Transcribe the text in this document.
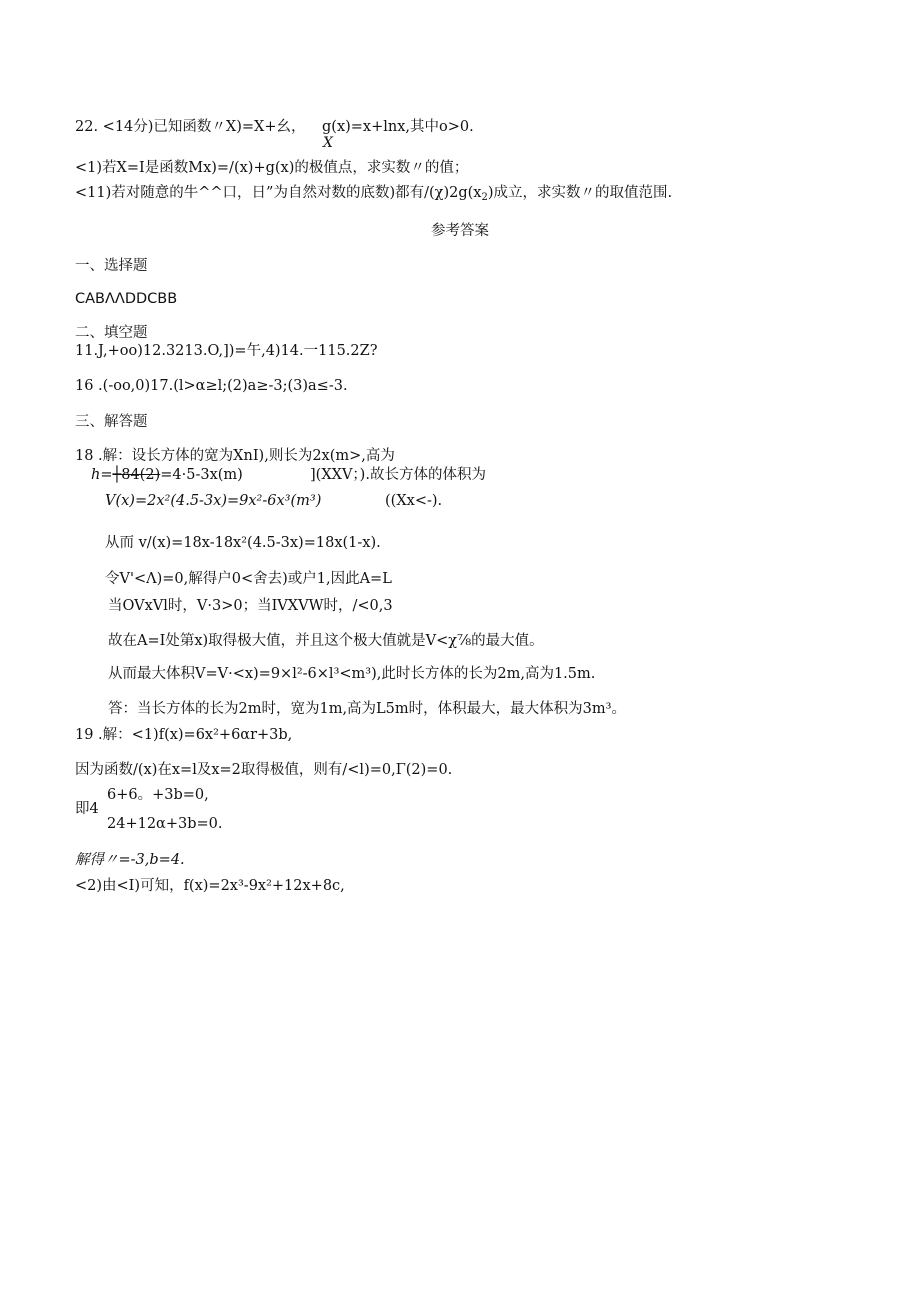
22. <14分)已知函数〃X)=X+幺， g(x)=x+lnx,其中o>0.
X
<1)若X=I是函数Mx)=/(x)+g(x)的极值点，求实数〃的值；
<11)若对随意的牛^^口，日”为自然对数的底数)都有$/(\chi)2g(x_2)$成立，求实数〃的取值范围.
参考答案
一、选择题
CABΛΛDDCBB
二、填空题
11.J,+oo)12.3213.O,])=午,4)14.一115.2Z?
16 .(-oo,0)17.(l>α≥l;(2)a≥-3;(3)a≤-3.
三、解答题
18 .解：设长方体的宽为XnI),则长为2x(m>,高为
h=┼84(2)=4·5-3x(m)	](XXV；).故长方体的体积为
V(x)=2x²(4.5-3x)=9x²-6x³(m³)	((Xx<-).
从而 v/(x)=18x-18x²(4.5-3x)=18x(1-x).
令V'<Λ)=0,解得户0<舍去)或户1,因此A=L
当OVxVl时，V·3>0；当IVXVW时，/<0,3
故在A=I处第x)取得极大值，并且这个极大值就是V<χ⅞的最大值。
从而最大体积V=V·<x)=9×l²-6×l³<m³),此时长方体的长为2m,高为1.5m.
答：当长方体的长为2m时，宽为1m,高为L5m时，体积最大，最大体积为3m³。
19 .解：<1)f(x)=6x²+6αr+3b,
因为函数/(x)在x=l及x=2取得极值，则有/<l)=0,Γ(2)=0.
6+6。+3b=0,
即4
24+12α+3b=0.
解得〃=-3,b=4.
<2)由<I)可知，f(x)=2x³-9x²+12x+8c,
